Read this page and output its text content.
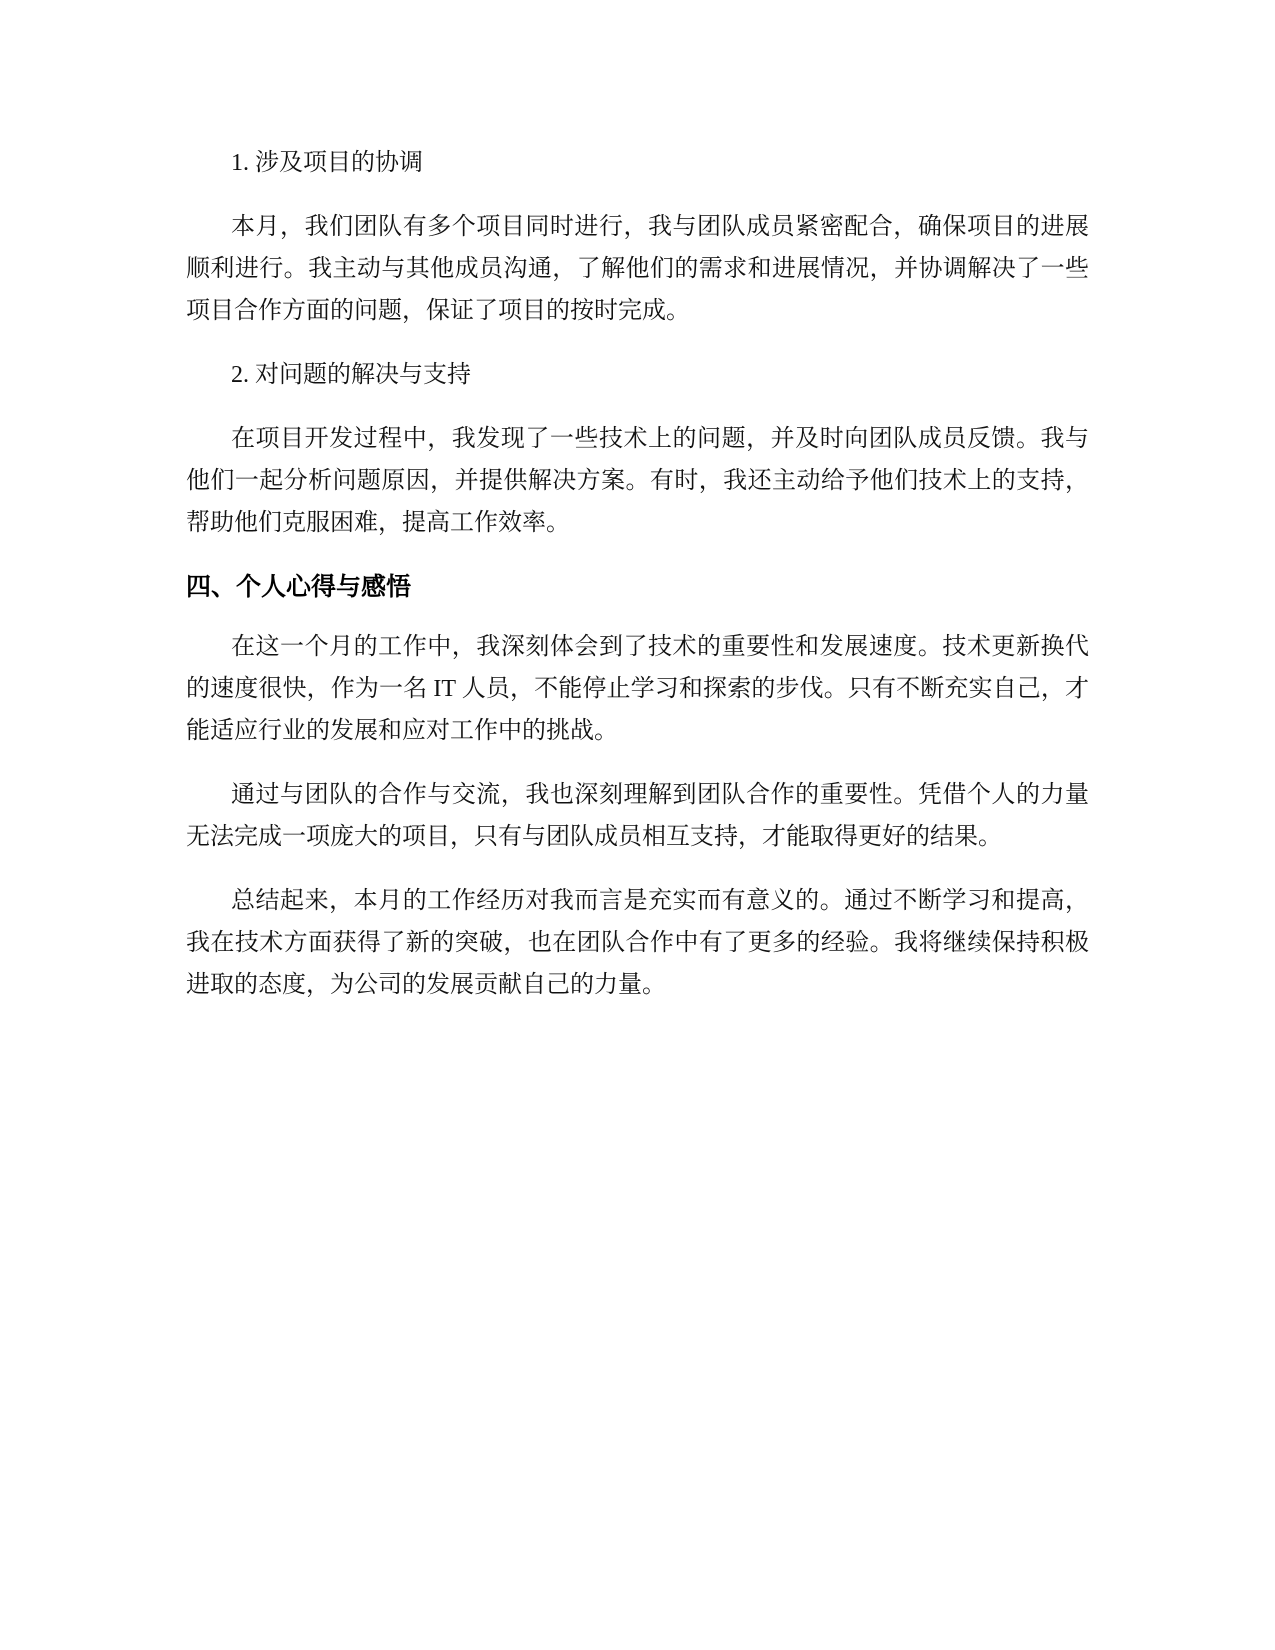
1. 涉及项目的协调

本月，我们团队有多个项目同时进行，我与团队成员紧密配合，确保项目的进展顺利进行。我主动与其他成员沟通，了解他们的需求和进展情况，并协调解决了一些项目合作方面的问题，保证了项目的按时完成。

2. 对问题的解决与支持

在项目开发过程中，我发现了一些技术上的问题，并及时向团队成员反馈。我与他们一起分析问题原因，并提供解决方案。有时，我还主动给予他们技术上的支持，帮助他们克服困难，提高工作效率。

四、个人心得与感悟

在这一个月的工作中，我深刻体会到了技术的重要性和发展速度。技术更新换代的速度很快，作为一名 IT 人员，不能停止学习和探索的步伐。只有不断充实自己，才能适应行业的发展和应对工作中的挑战。

通过与团队的合作与交流，我也深刻理解到团队合作的重要性。凭借个人的力量无法完成一项庞大的项目，只有与团队成员相互支持，才能取得更好的结果。

总结起来，本月的工作经历对我而言是充实而有意义的。通过不断学习和提高，我在技术方面获得了新的突破，也在团队合作中有了更多的经验。我将继续保持积极进取的态度，为公司的发展贡献自己的力量。
